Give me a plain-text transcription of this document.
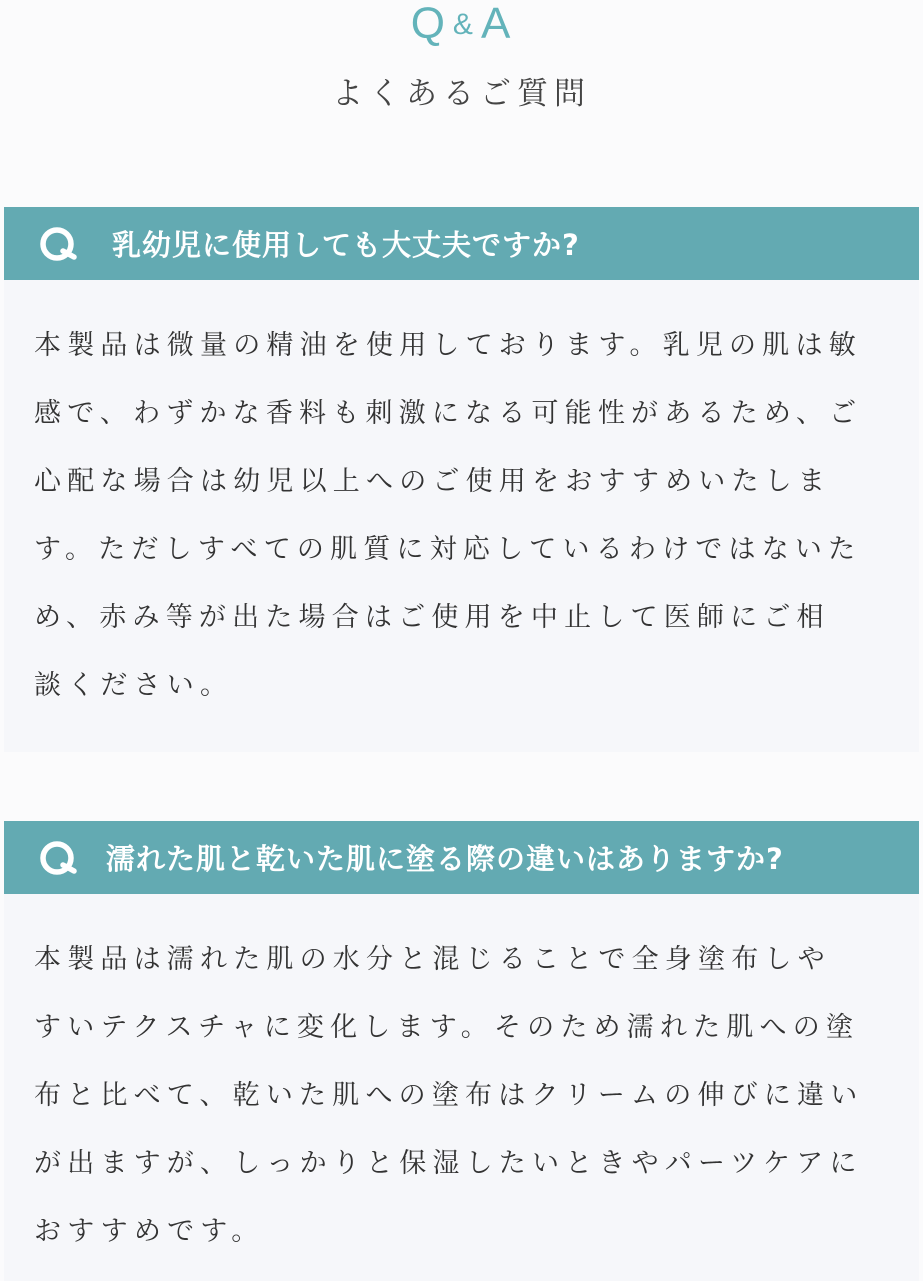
Q & A
よくあるご質問
乳幼児に使用しても大丈夫ですか?

本製品は微量の精油を使用しております。乳児の肌は敏

感で、わずかな香料も刺激になる可能性があるため、ご

心配な場合は幼児以上へのご使用をおすすめいたしま

す。ただしすべての肌質に対応しているわけではないた

め、赤み等が出た場合はご使用を中止して医師にご相

談ください。

濡れた肌と乾いた肌に塗る際の違いはありますか?

本製品は濡れた肌の水分と混じることで全身塗布しや

すいテクスチャに変化します。そのため濡れた肌への塗

布と比べて、乾いた肌への塗布はクリームの伸びに違い

が出ますが、しっかりと保湿したいときやパーツケアに

おすすめです。
